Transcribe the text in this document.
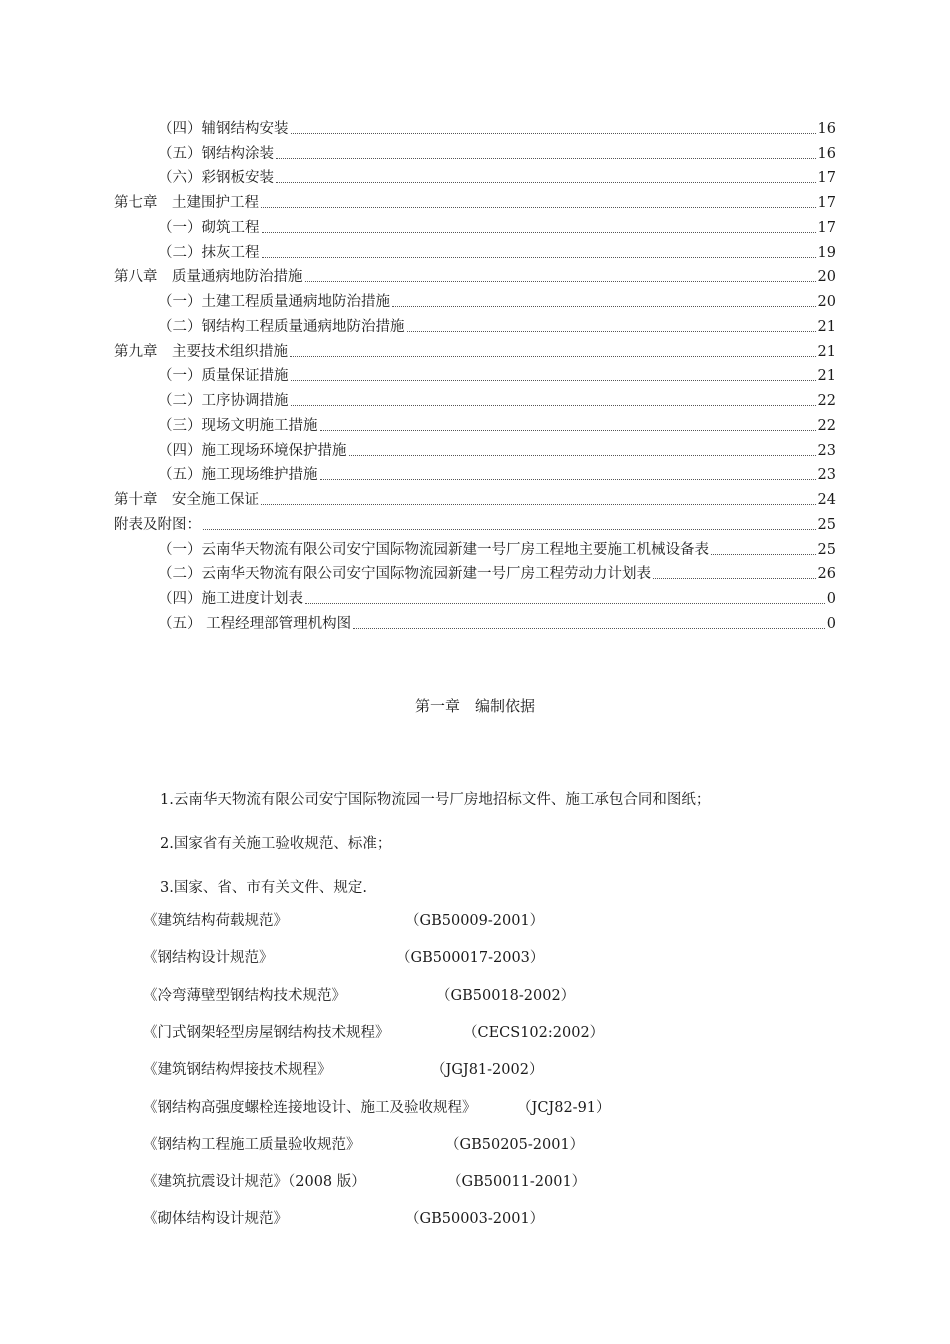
（四）辅钢结构安装	16
（五）钢结构涂装	16
（六）彩钢板安装	17
第七章　土建围护工程	17
（一）砌筑工程	17
（二）抹灰工程	19
第八章　质量通病地防治措施	20
（一）土建工程质量通病地防治措施	20
（二）钢结构工程质量通病地防治措施	21
第九章　主要技术组织措施	21
（一）质量保证措施	21
（二）工序协调措施	22
（三）现场文明施工措施	22
（四）施工现场环境保护措施	23
（五）施工现场维护措施	23
第十章　安全施工保证	24
附表及附图：	25
（一）云南华天物流有限公司安宁国际物流园新建一号厂房工程地主要施工机械设备表	25
（二）云南华天物流有限公司安宁国际物流园新建一号厂房工程劳动力计划表	26
（四）施工进度计划表	0
（五） 工程经理部管理机构图	0
第一章　编制依据
1.云南华天物流有限公司安宁国际物流园一号厂房地招标文件、施工承包合同和图纸；
2.国家省有关施工验收规范、标准；
3.国家、省、市有关文件、规定.
《建筑结构荷载规范》	（GB50009-2001）
《钢结构设计规范》	（GB500017-2003）
《冷弯薄壁型钢结构技术规范》	（GB50018-2002）
《门式钢架轻型房屋钢结构技术规程》	（CECS102:2002）
《建筑钢结构焊接技术规程》	（JGJ81-2002）
《钢结构高强度螺栓连接地设计、施工及验收规程》	（JCJ82-91）
《钢结构工程施工质量验收规范》	（GB50205-2001）
《建筑抗震设计规范》（2008 版）	（GB50011-2001）
《砌体结构设计规范》	（GB50003-2001）
